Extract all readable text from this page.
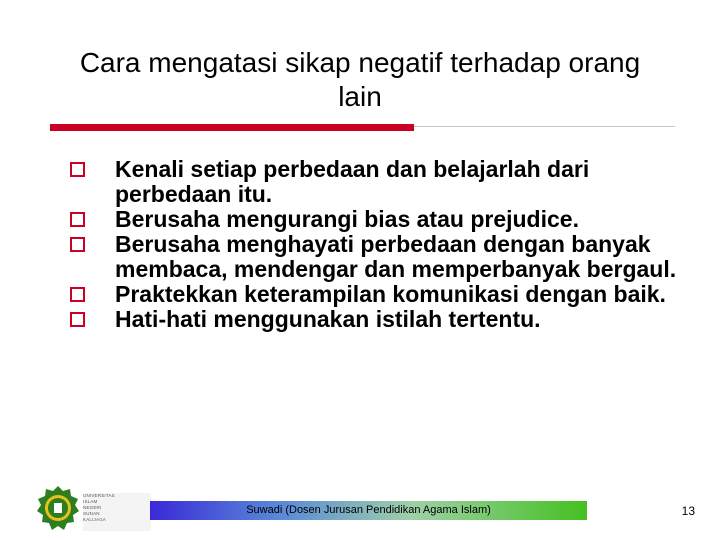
Cara mengatasi sikap negatif terhadap orang lain
Kenali setiap perbedaan dan belajarlah dari perbedaan itu.
Berusaha mengurangi bias atau prejudice.
Berusaha menghayati perbedaan dengan banyak membaca, mendengar dan memperbanyak bergaul.
Praktekkan keterampilan komunikasi dengan baik.
Hati-hati menggunakan istilah tertentu.
UNIVERSITAS
ISLAM
NEGERI
SUNAN
KALIJAGA
Suwadi (Dosen Jurusan Pendidikan Agama Islam)	13
